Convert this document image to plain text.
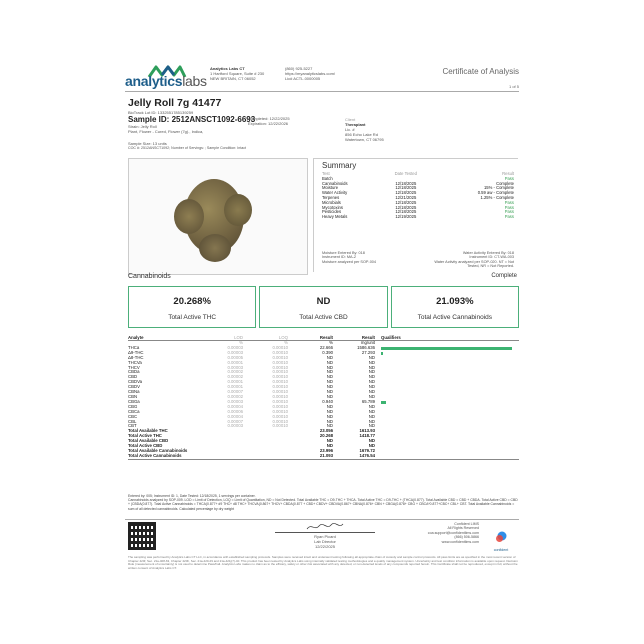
analyticslabs
Analytics Labs CT
1 Hartford Square, Suite # 230
NEW BRITAIN, CT 06052
(860) 925-5227
https://myanalyticslabs.com/
Lic# ACTL.0000005
Certificate of Analysis
1 of 5
Jelly Roll 7g 41477
BioTrack Lot ID: 1332551785139259
Sample ID: 2512ANSCT1092-6693
Completed: 12/22/2025
Expiration: 12/22/2026
Strain: Jelly Roll
Plant, Flower - Cured, Flower (7g)., Indica,
Sample Size: 13 units
COC #: 2512ANSCT1092; Number of Servings: ; Sample Condition: Intact
Client
Theraplant
Lic. #
856 Echo Lake Rd
Watertown, CT 06795
Summary
Test	Date Tested	Result
Batch		Pass
Cannabinoids	12/18/2025	Complete
Moisture	12/18/2025	15% - Complete
Water Activity	12/18/2025	0.59 aw - Complete
Terpenes	12/21/2025	1.25% - Complete
Microbials	12/18/2025	Pass
Mycotoxins	12/18/2025	Pass
Pesticides	12/18/2025	Pass
Heavy Metals	12/19/2025	Pass
Moisture Entered By: 018
Instrument ID: MA-2
Moisture analyzed per SOP-004
Water Activity Entered By: 018
Instrument ID: CT-WA-003
Water Activity analyzed per SOP-020. NT = Not
Tested, NR = Not Reported.
Cannabinoids	Complete
20.268%
Total Active THC
ND
Total Active CBD
21.093%
Total Active Cannabinoids
Analyte	LOD	LOQ	Result	Result	Qualifiers
	%	%	%	mg/unit	
THCa	0.00003	0.00010	22.666	1586.636	

Δ9-THC	0.00003	0.00010	0.390	27.293	

Δ8-THC	0.00005	0.00010	ND	ND	
THCVa	0.00001	0.00010	ND	ND	
THCV	0.00003	0.00010	ND	ND	
CBDa	0.00002	0.00010	ND	ND	
CBD	0.00002	0.00010	ND	ND	
CBDVa	0.00001	0.00010	ND	ND	
CBDV	0.00001	0.00010	ND	ND	
CBNa	0.00007	0.00010	ND	ND	
CBN	0.00002	0.00010	ND	ND	
CBGa	0.00003	0.00010	0.940	65.789	

CBG	0.00004	0.00010	ND	ND	
CBCa	0.00006	0.00010	ND	ND	
CBC	0.00004	0.00010	ND	ND	
CBL	0.00007	0.00010	ND	ND	
CBT	0.00003	0.00010	ND	ND	
Total Available THC			23.056	1613.93	
Total Active THC			20.268	1418.77	
Total Available CBD			ND	ND	
Total Active CBD			ND	ND	
Total Available Cannabinoids			23.996	1679.72	
Total Active Cannabinoids			21.093	1476.54	
Entered by: 005; Instrument ID: 1, Date Tested: 12/18/2025, 1 servings per container.
Cannabinoids analyzed by SOP-009. LOD = Limit of Detection, LOQ = Limit of Quantitation, ND = Not Detected. Total Available THC = D9-THC + THCA. Total Active THC = D9-THC + (THCA(0.877). Total Available CBD = CBD + CBDA. Total Active CBD = CBD + (CBDA(0.877). Total Active Cannabinoids = THCA(0.877+ d9 THC+ d8 THC+ THCVA(0.867+ THCV+ CBDA(0.877 + CBD+ CBDV+ CBDVA(0.867+ CBNA(0.876+ CBN + CBGA(0.878+ CBG + CBCA*0.877+CBC+ CBL+ CBT. Total Available Cannabinoids = sum of all detected cannabinoids. Calculated percentage by dry weight
Ryan Picard
Lab Director
12/22/2025
Confident LIMS
All Rights Reserved
coa.support@confidentlims.com
(866) 506-5866
www.confidentlims.com
confident
The sampling was performed by Analytics Labs CT LLC, in accordance with established sampling protocols. Samples were received intact and underwent testing following all appropriate chain of custody and sample control protocols. All pass limits are as specified in the most recent version of Chapter 420f, Sec. 21a-408-63, Chapter 420h, Sec. 21a-420-29 and 21a-421j(7)-40. This product has been tested by Analytics Labs using internally validated testing methodologies and a quality management system. Uncertainty and test condition information is available upon request. Decision Rule (measurement of uncertainty) is not used to determine Pass/Fail. Analytics Labs makes no claim as to the efficacy, safety or other risk associated with any detected, or non-detected levels of any compounds reported herein. This Certificate shall not be reproduced, except in full, without the written consent of Analytics Labs CT.
